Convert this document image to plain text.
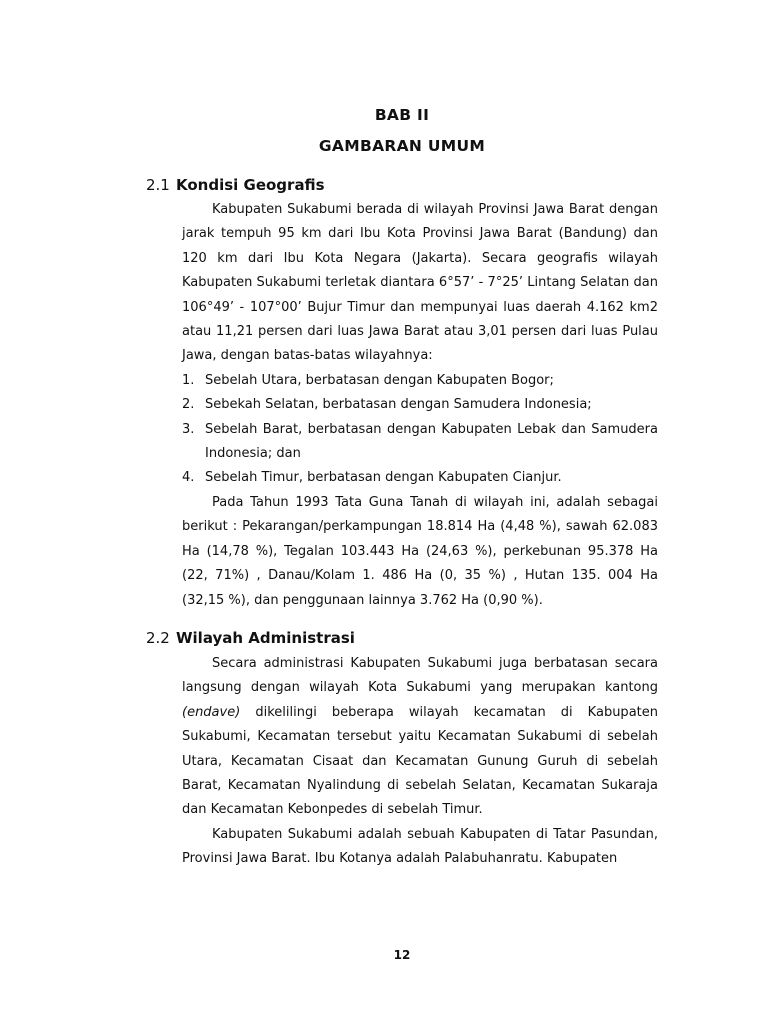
BAB II
GAMBARAN UMUM
2.1 Kondisi Geografis

Kabupaten Sukabumi berada di wilayah Provinsi Jawa Barat dengan jarak tempuh 95 km dari Ibu Kota Provinsi Jawa Barat (Bandung) dan 120 km dari Ibu Kota Negara (Jakarta). Secara geografis wilayah Kabupaten Sukabumi terletak diantara 6°57’ - 7°25’ Lintang Selatan dan 106°49’ - 107°00’ Bujur Timur dan mempunyai luas daerah 4.162 km2 atau 11,21 persen dari luas Jawa Barat atau 3,01 persen dari luas Pulau Jawa, dengan batas-batas wilayahnya:

1. Sebelah Utara, berbatasan dengan Kabupaten Bogor;
2. Sebekah Selatan, berbatasan dengan Samudera Indonesia;
3. Sebelah Barat, berbatasan dengan Kabupaten Lebak dan Samudera Indonesia; dan
4. Sebelah Timur, berbatasan dengan Kabupaten Cianjur.

Pada Tahun 1993 Tata Guna Tanah di wilayah ini, adalah sebagai berikut : Pekarangan/perkampungan 18.814 Ha (4,48 %), sawah 62.083 Ha (14,78 %), Tegalan 103.443 Ha (24,63 %), perkebunan 95.378 Ha (22, 71%) , Danau/Kolam 1. 486 Ha (0, 35 %) , Hutan 135. 004 Ha (32,15 %), dan penggunaan lainnya 3.762 Ha (0,90 %).

2.2 Wilayah Administrasi

Secara administrasi Kabupaten Sukabumi juga berbatasan secara langsung dengan wilayah Kota Sukabumi yang merupakan kantong (endave) dikelilingi beberapa wilayah kecamatan di Kabupaten Sukabumi, Kecamatan tersebut yaitu Kecamatan Sukabumi di sebelah Utara, Kecamatan Cisaat dan Kecamatan Gunung Guruh di sebelah Barat, Kecamatan Nyalindung di sebelah Selatan, Kecamatan Sukaraja dan Kecamatan Kebonpedes di sebelah Timur.

Kabupaten Sukabumi adalah sebuah Kabupaten di Tatar Pasundan, Provinsi Jawa Barat. Ibu Kotanya adalah Palabuhanratu. Kabupaten

12
